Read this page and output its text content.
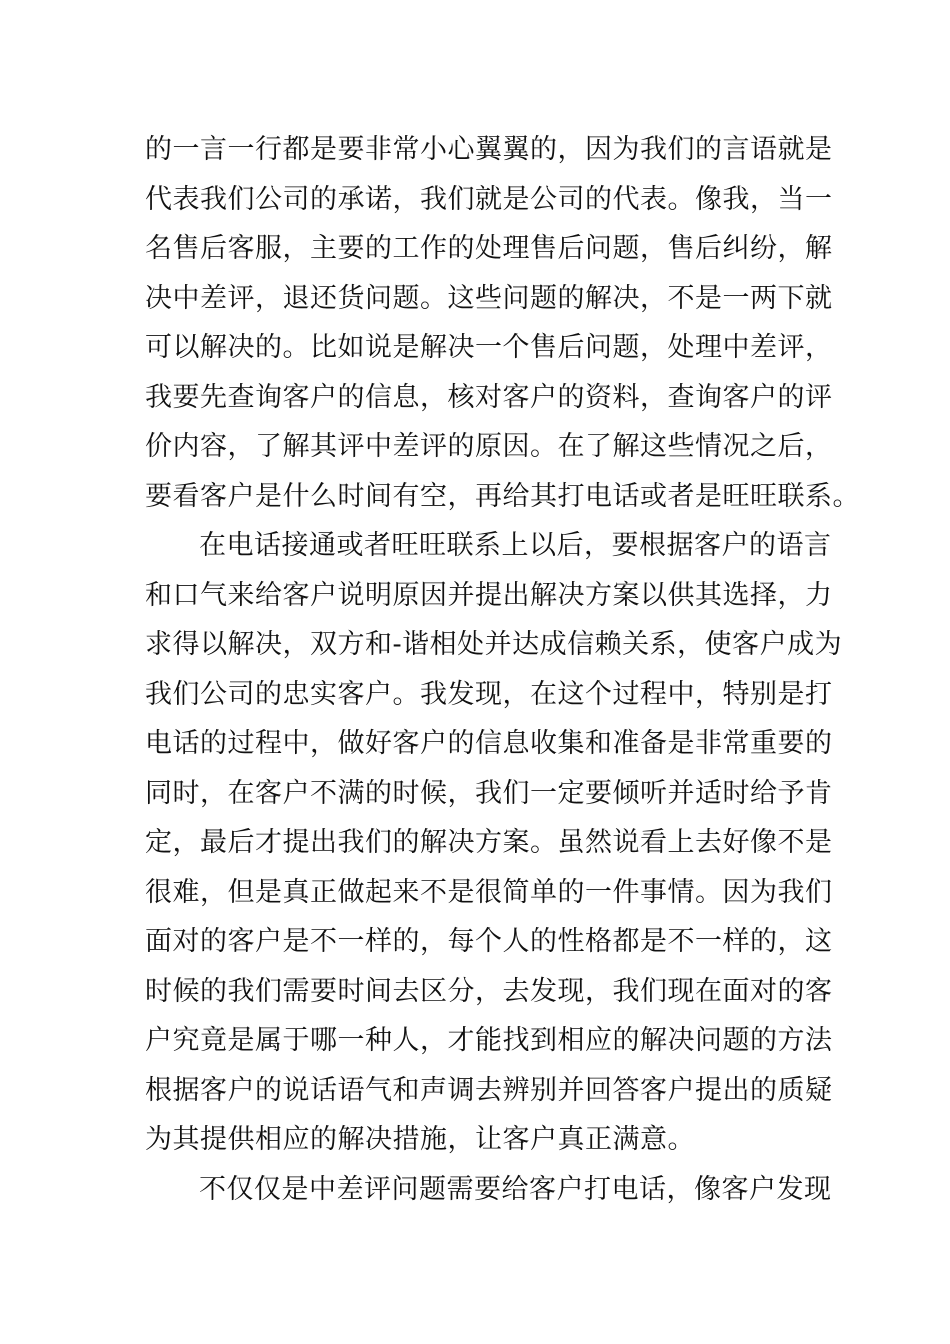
的一言一行都是要非常小心翼翼的，因为我们的言语就是
代表我们公司的承诺，我们就是公司的代表。像我，当一
名售后客服，主要的工作的处理售后问题，售后纠纷，解
决中差评，退还货问题。这些问题的解决，不是一两下就
可以解决的。比如说是解决一个售后问题，处理中差评，
我要先查询客户的信息，核对客户的资料，查询客户的评
价内容，了解其评中差评的原因。在了解这些情况之后，
要看客户是什么时间有空，再给其打电话或者是旺旺联系。
在电话接通或者旺旺联系上以后，要根据客户的语言
和口气来给客户说明原因并提出解决方案以供其选择，力
求得以解决，双方和-谐相处并达成信赖关系，使客户成为
我们公司的忠实客户。我发现，在这个过程中，特别是打
电话的过程中，做好客户的信息收集和准备是非常重要的
同时，在客户不满的时候，我们一定要倾听并适时给予肯
定，最后才提出我们的解决方案。虽然说看上去好像不是
很难，但是真正做起来不是很简单的一件事情。因为我们
面对的客户是不一样的，每个人的性格都是不一样的，这
时候的我们需要时间去区分，去发现，我们现在面对的客
户究竟是属于哪一种人，才能找到相应的解决问题的方法
根据客户的说话语气和声调去辨别并回答客户提出的质疑
为其提供相应的解决措施，让客户真正满意。
不仅仅是中差评问题需要给客户打电话，像客户发现
